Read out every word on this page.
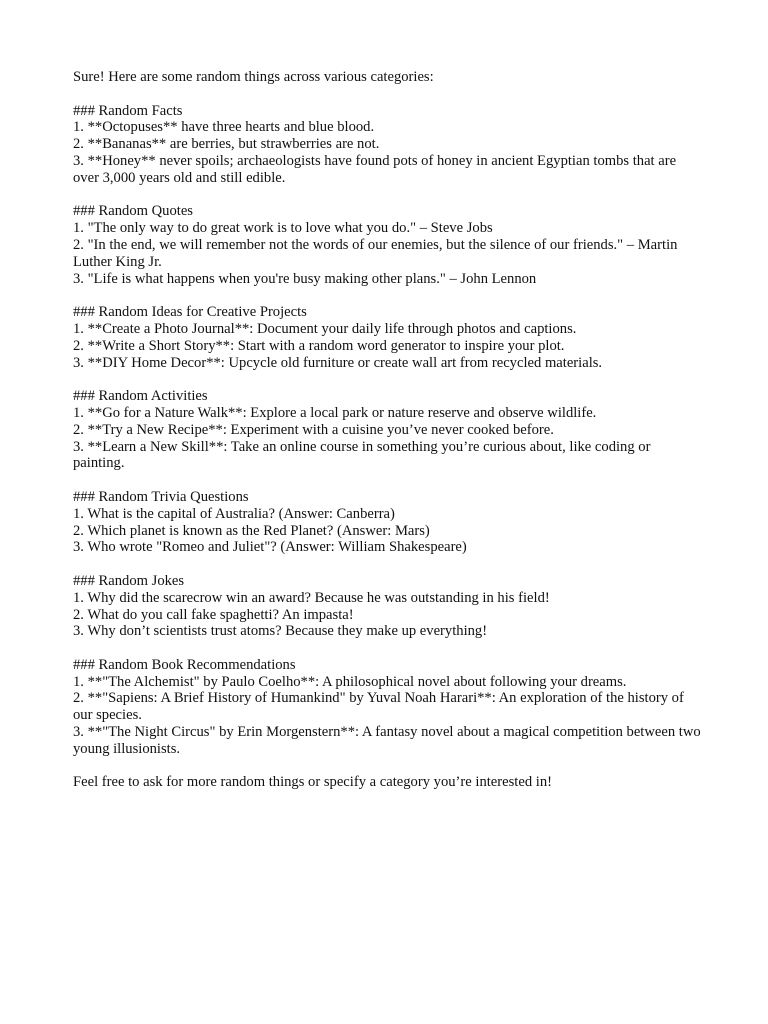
Sure! Here are some random things across various categories:
### Random Facts
1. **Octopuses** have three hearts and blue blood.
2. **Bananas** are berries, but strawberries are not.
3. **Honey** never spoils; archaeologists have found pots of honey in ancient Egyptian tombs that are over 3,000 years old and still edible.
### Random Quotes
1. "The only way to do great work is to love what you do." – Steve Jobs
2. "In the end, we will remember not the words of our enemies, but the silence of our friends." – Martin Luther King Jr.
3. "Life is what happens when you're busy making other plans." – John Lennon
### Random Ideas for Creative Projects
1. **Create a Photo Journal**: Document your daily life through photos and captions.
2. **Write a Short Story**: Start with a random word generator to inspire your plot.
3. **DIY Home Decor**: Upcycle old furniture or create wall art from recycled materials.
### Random Activities
1. **Go for a Nature Walk**: Explore a local park or nature reserve and observe wildlife.
2. **Try a New Recipe**: Experiment with a cuisine you’ve never cooked before.
3. **Learn a New Skill**: Take an online course in something you’re curious about, like coding or painting.
### Random Trivia Questions
1. What is the capital of Australia? (Answer: Canberra)
2. Which planet is known as the Red Planet? (Answer: Mars)
3. Who wrote "Romeo and Juliet"? (Answer: William Shakespeare)
### Random Jokes
1. Why did the scarecrow win an award? Because he was outstanding in his field!
2. What do you call fake spaghetti? An impasta!
3. Why don’t scientists trust atoms? Because they make up everything!
### Random Book Recommendations
1. **"The Alchemist" by Paulo Coelho**: A philosophical novel about following your dreams.
2. **"Sapiens: A Brief History of Humankind" by Yuval Noah Harari**: An exploration of the history of our species.
3. **"The Night Circus" by Erin Morgenstern**: A fantasy novel about a magical competition between two young illusionists.
Feel free to ask for more random things or specify a category you’re interested in!
